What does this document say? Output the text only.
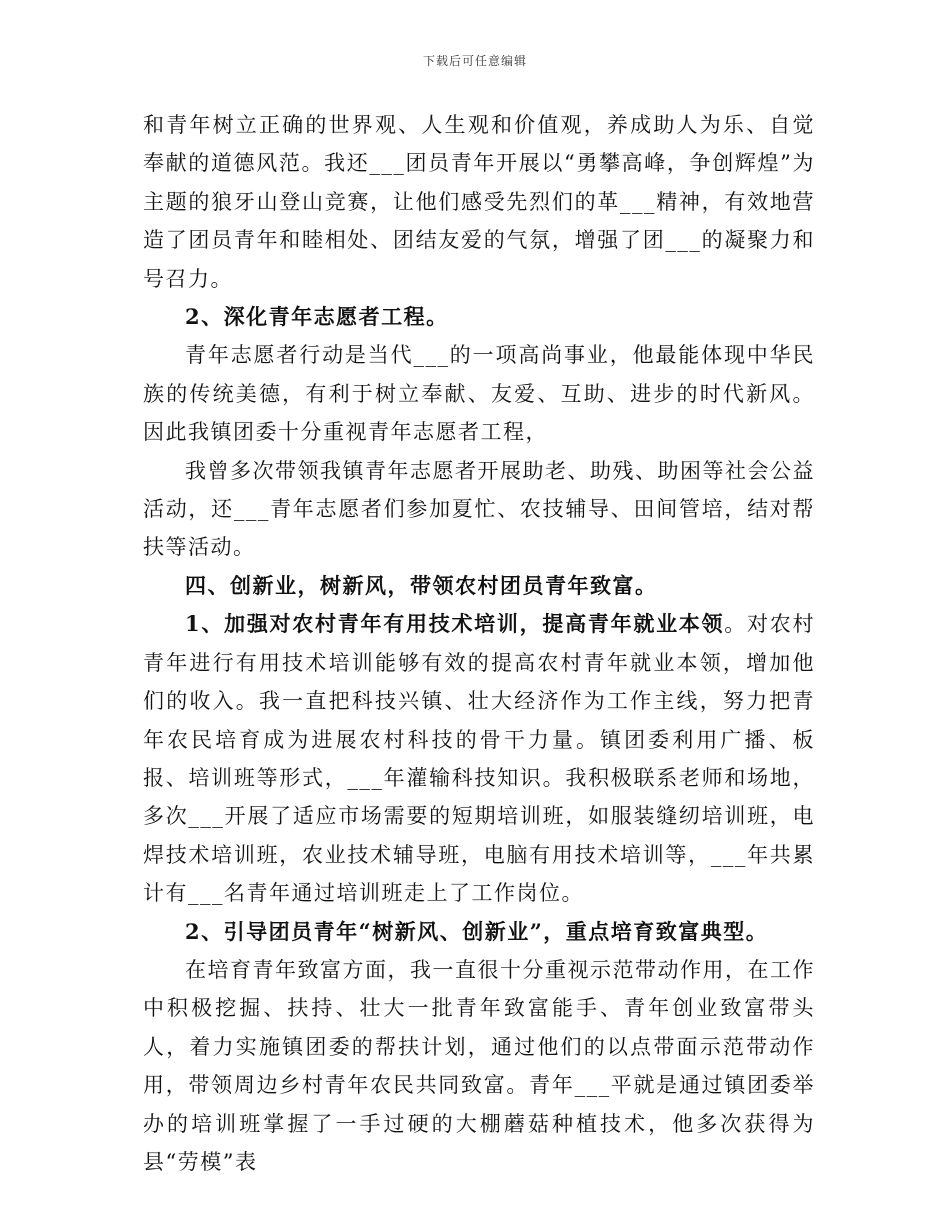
下载后可任意编辑

和青年树立正确的世界观、人生观和价值观，养成助人为乐、自觉奉献的道德风范。我还___团员青年开展以“勇攀高峰，争创辉煌”为主题的狼牙山登山竞赛，让他们感受先烈们的革___精神，有效地营造了团员青年和睦相处、团结友爱的气氛，增强了团___的凝聚力和号召力。

2、深化青年志愿者工程。

青年志愿者行动是当代___的一项高尚事业，他最能体现中华民族的传统美德，有利于树立奉献、友爱、互助、进步的时代新风。因此我镇团委十分重视青年志愿者工程，

我曾多次带领我镇青年志愿者开展助老、助残、助困等社会公益活动，还___青年志愿者们参加夏忙、农技辅导、田间管培，结对帮扶等活动。

四、创新业，树新风，带领农村团员青年致富。

1、加强对农村青年有用技术培训，提高青年就业本领。对农村青年进行有用技术培训能够有效的提高农村青年就业本领，增加他们的收入。我一直把科技兴镇、壮大经济作为工作主线，努力把青年农民培育成为进展农村科技的骨干力量。镇团委利用广播、板报、培训班等形式，___年灌输科技知识。我积极联系老师和场地，多次___开展了适应市场需要的短期培训班，如服装缝纫培训班，电焊技术培训班，农业技术辅导班，电脑有用技术培训等，___年共累计有___名青年通过培训班走上了工作岗位。

2、引导团员青年“树新风、创新业”，重点培育致富典型。

在培育青年致富方面，我一直很十分重视示范带动作用，在工作中积极挖掘、扶持、壮大一批青年致富能手、青年创业致富带头人，着力实施镇团委的帮扶计划，通过他们的以点带面示范带动作用，带领周边乡村青年农民共同致富。青年___平就是通过镇团委举办的培训班掌握了一手过硬的大棚蘑菇种植技术，他多次获得为县“劳模”表
